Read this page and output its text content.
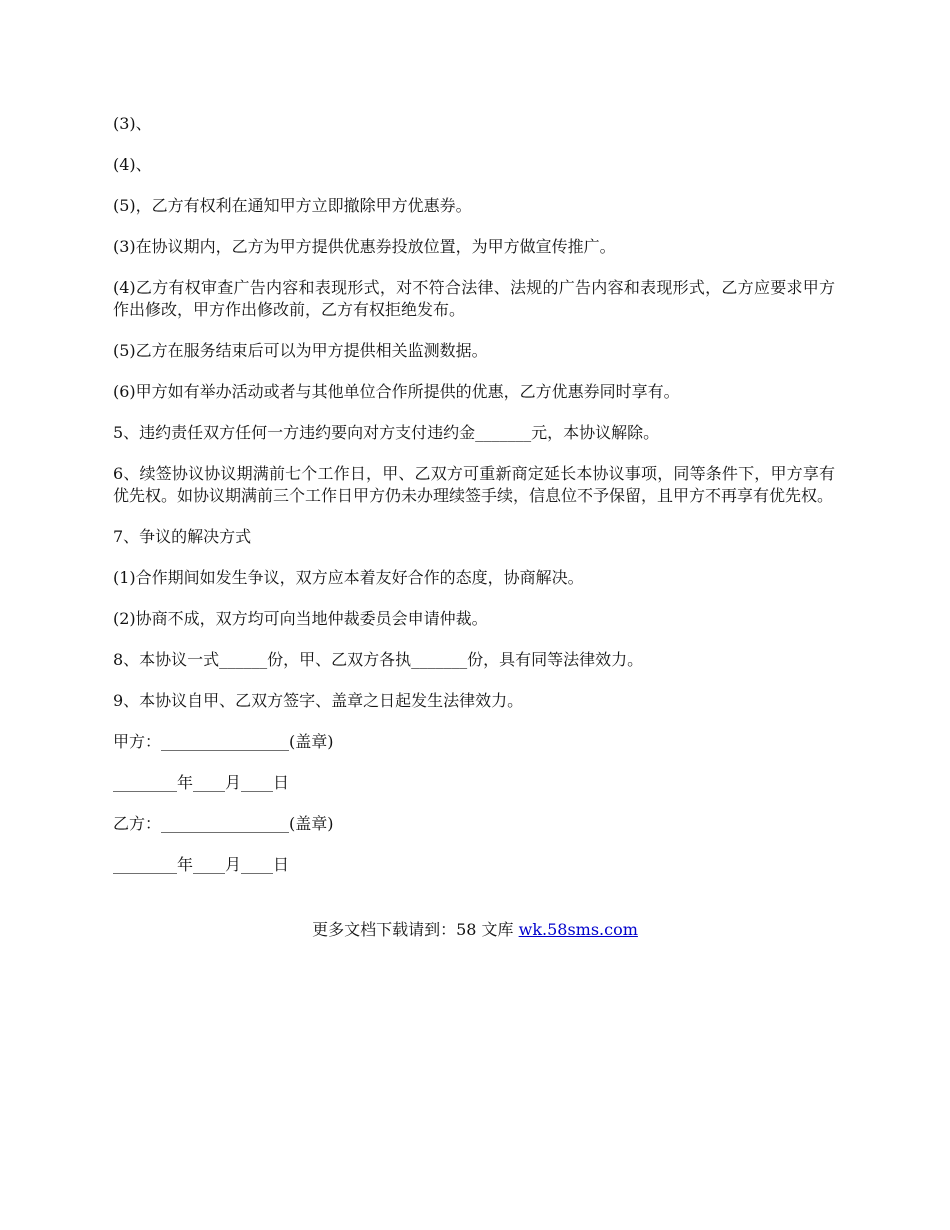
(3)、

(4)、

(5)，乙方有权利在通知甲方立即撤除甲方优惠券。

(3)在协议期内，乙方为甲方提供优惠券投放位置，为甲方做宣传推广。

(4)乙方有权审查广告内容和表现形式，对不符合法律、法规的广告内容和表现形式，乙方应要求甲方作出修改，甲方作出修改前，乙方有权拒绝发布。

(5)乙方在服务结束后可以为甲方提供相关监测数据。

(6)甲方如有举办活动或者与其他单位合作所提供的优惠，乙方优惠券同时享有。

5、违约责任双方任何一方违约要向对方支付违约金_______元，本协议解除。

6、续签协议协议期满前七个工作日，甲、乙双方可重新商定延长本协议事项，同等条件下，甲方享有优先权。如协议期满前三个工作日甲方仍未办理续签手续，信息位不予保留，且甲方不再享有优先权。

7、争议的解决方式

(1)合作期间如发生争议，双方应本着友好合作的态度，协商解决。

(2)协商不成，双方均可向当地仲裁委员会申请仲裁。

8、本协议一式______份，甲、乙双方各执_______份，具有同等法律效力。

9、本协议自甲、乙双方签字、盖章之日起发生法律效力。

甲方：________________(盖章)

________年____月____日

乙方：________________(盖章)

________年____月____日

更多文档下载请到：58 文库 wk.58sms.com
